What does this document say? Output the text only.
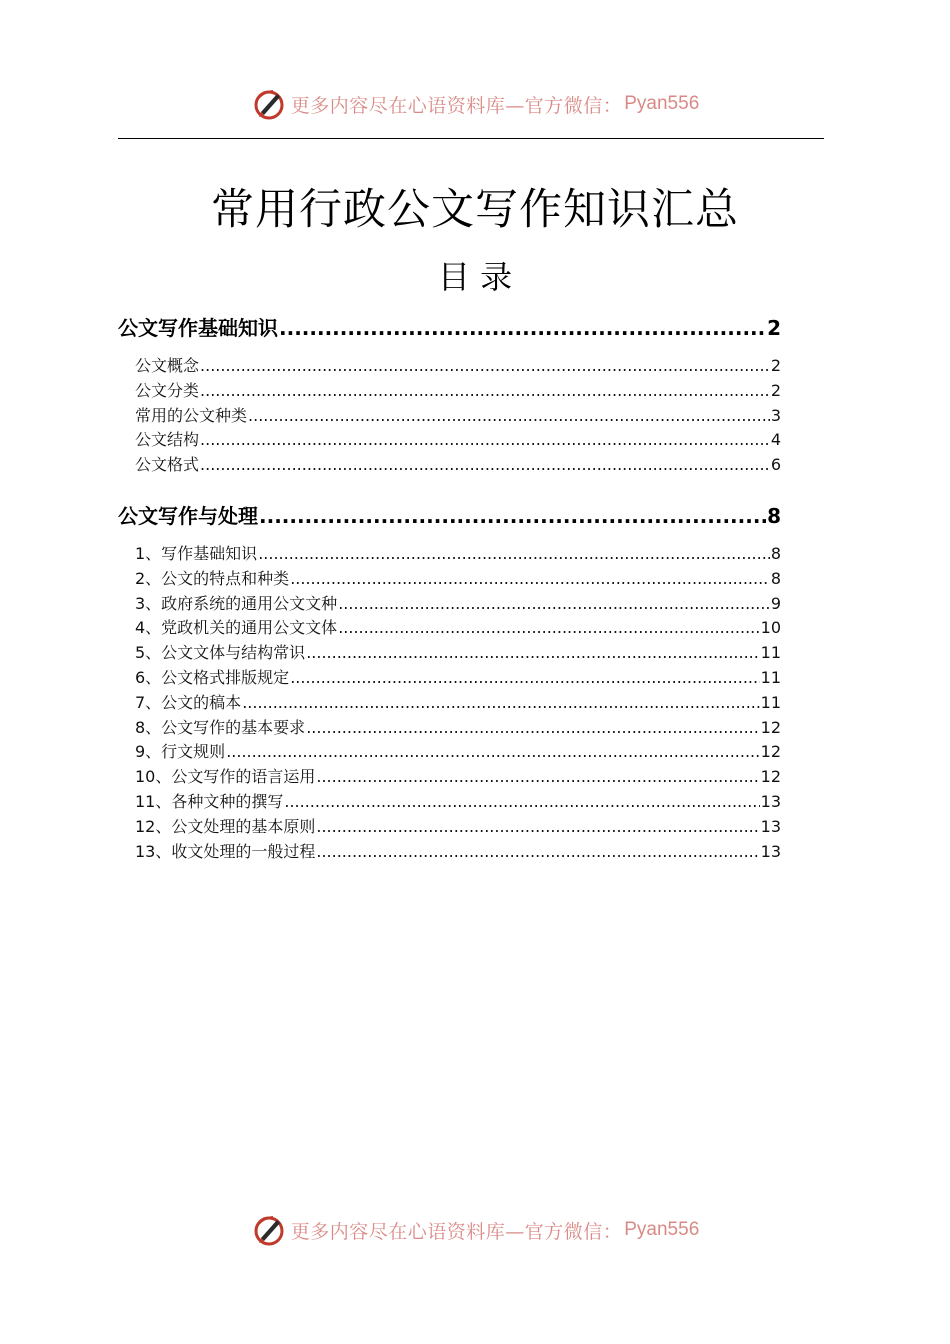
更多内容尽在心语资料库—官方微信： Pyan556
常用行政公文写作知识汇总
目 录
公文写作基础知识 .....	2
公文概念 .....	2
公文分类 .....	2
常用的公文种类 .....	3
公文结构 .....	4
公文格式 .....	6
公文写作与处理 .....	8
1、写作基础知识 .....	8
2、公文的特点和种类 .....	8
3、政府系统的通用公文文种 .....	9
4、党政机关的通用公文文体 .....	10
5、公文文体与结构常识 .....	11
6、公文格式排版规定 .....	11
7、公文的稿本 .....	11
8、公文写作的基本要求 .....	12
9、行文规则 .....	12
10、公文写作的语言运用 .....	12
11、各种文种的撰写 .....	13
12、公文处理的基本原则 .....	13
13、收文处理的一般过程 .....	13
更多内容尽在心语资料库—官方微信： Pyan556
